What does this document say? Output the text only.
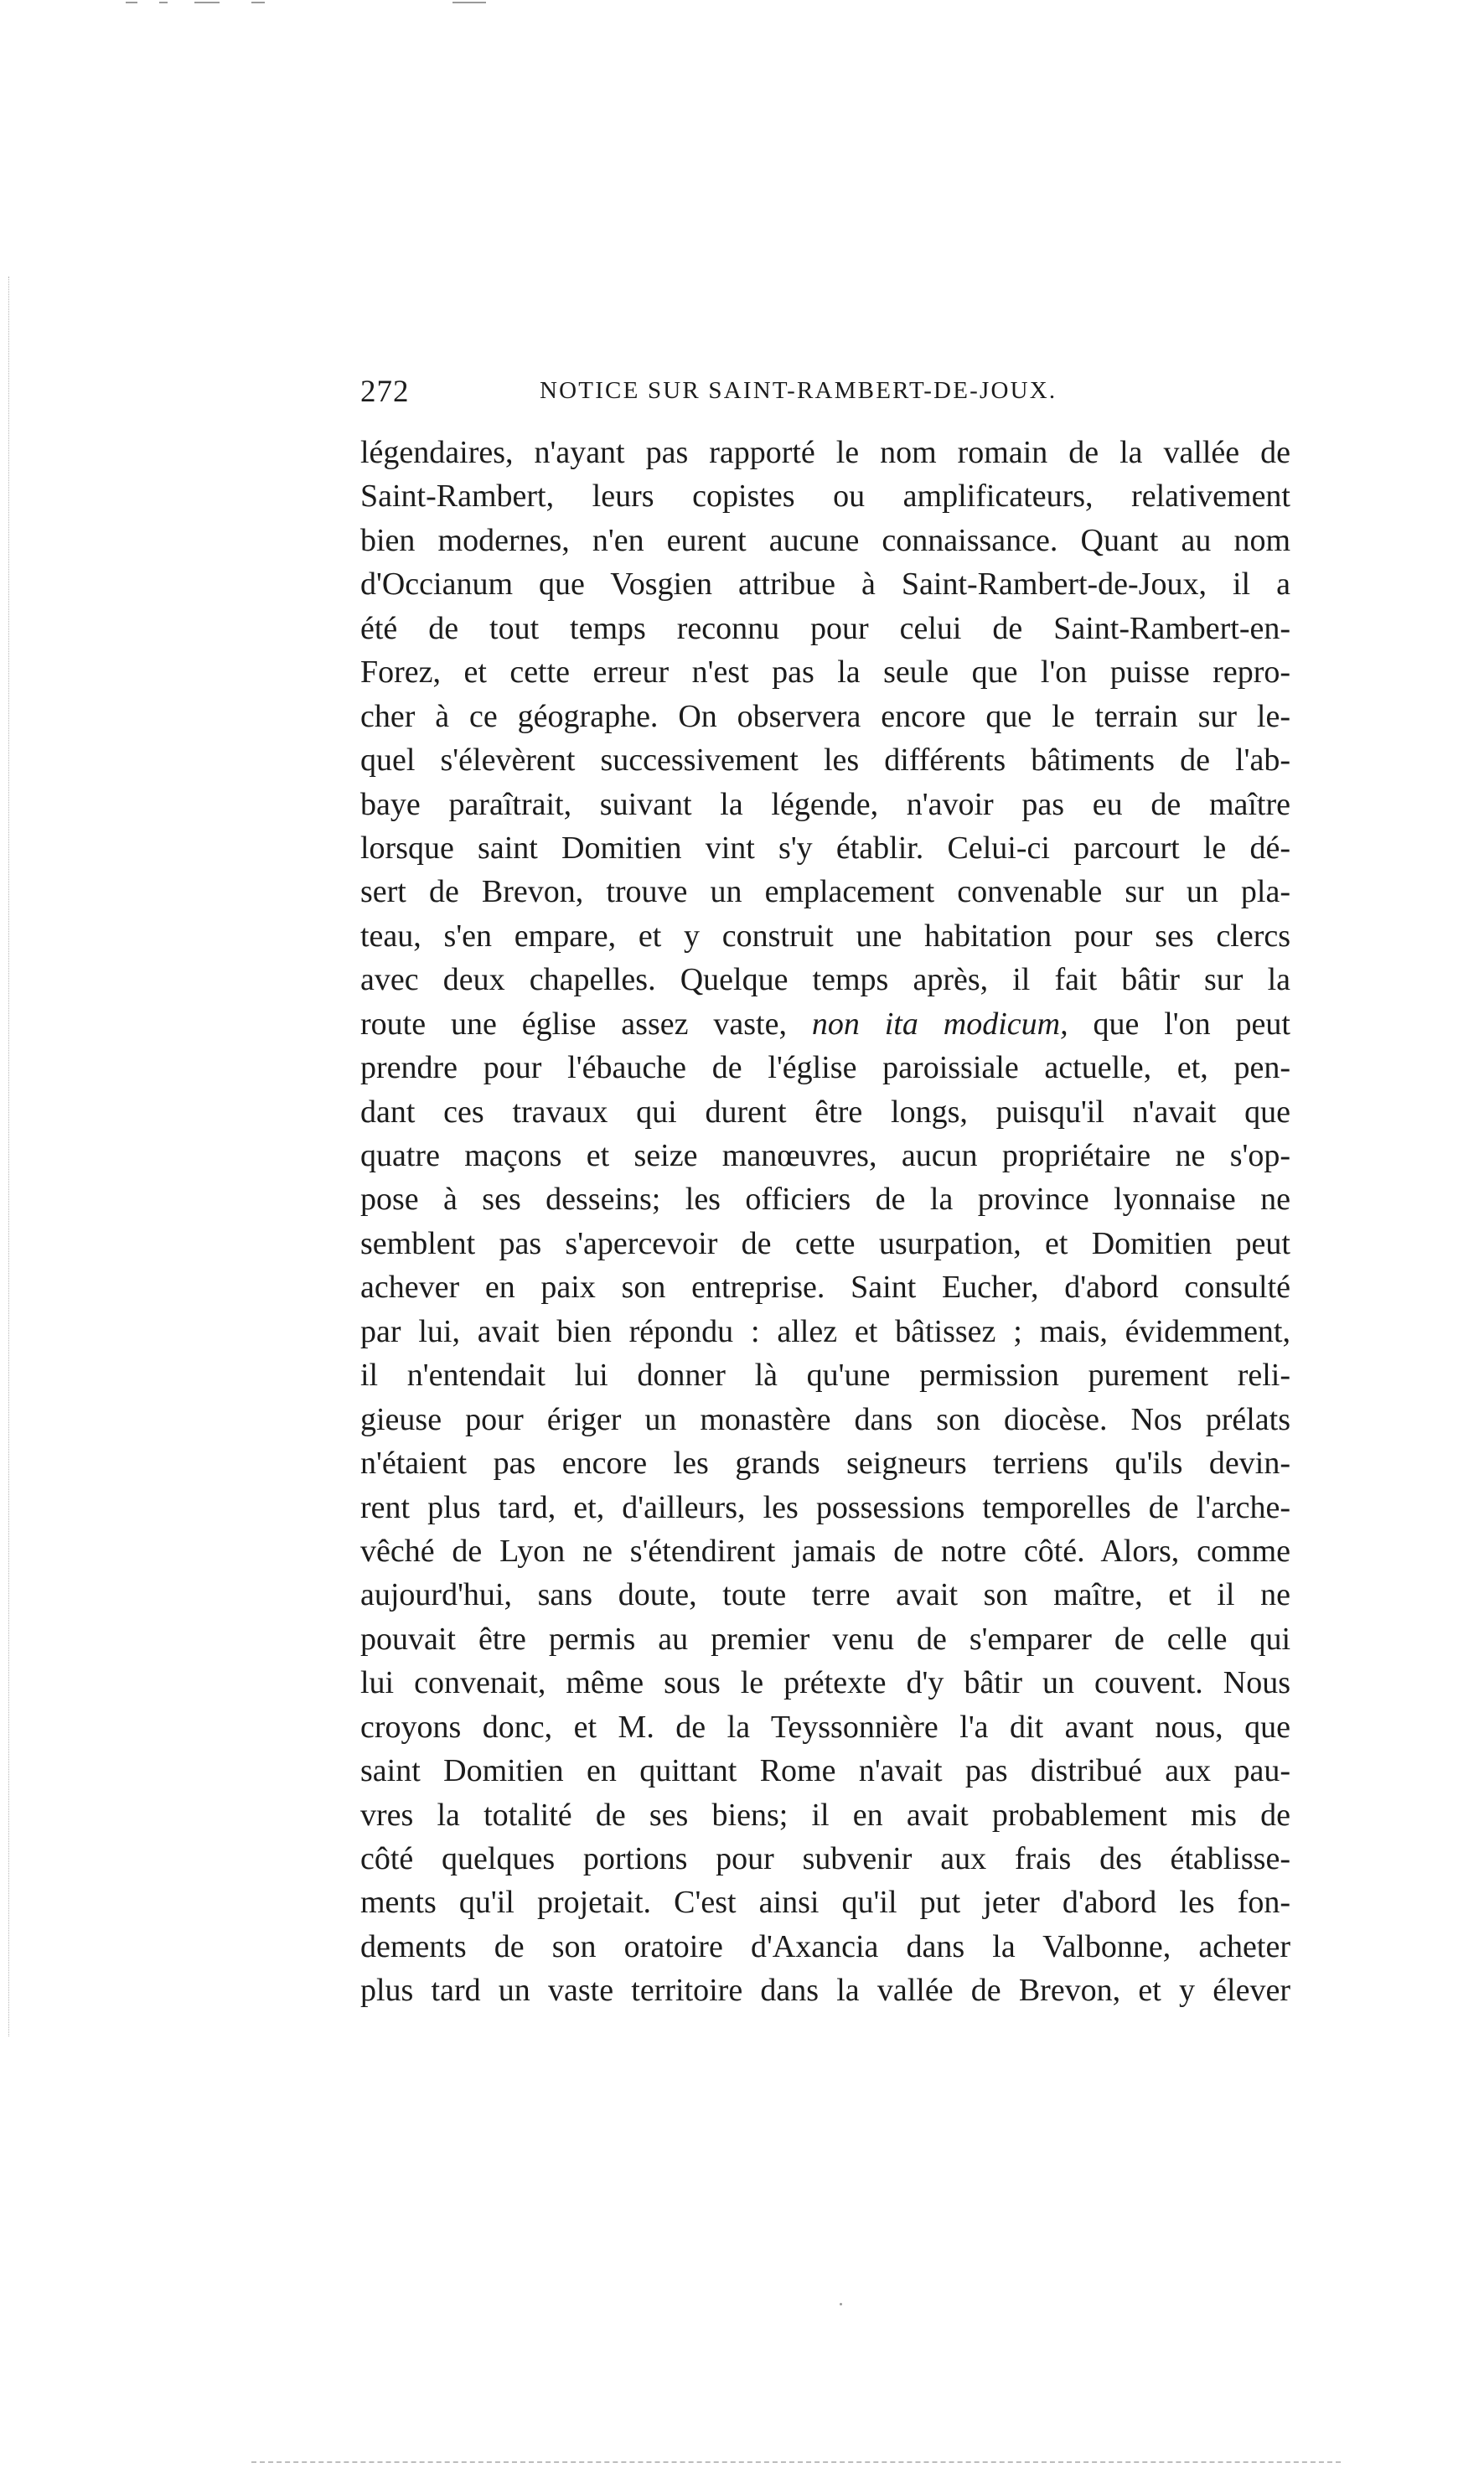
272	NOTICE SUR SAINT-RAMBERT-DE-JOUX.
légendaires, n'ayant pas rapporté le nom romain de la vallée de
Saint-Rambert, leurs copistes ou amplificateurs, relativement
bien modernes, n'en eurent aucune connaissance. Quant au nom
d'Occianum que Vosgien attribue à Saint-Rambert-de-Joux, il a
été de tout temps reconnu pour celui de Saint-Rambert-en-
Forez, et cette erreur n'est pas la seule que l'on puisse repro-
cher à ce géographe. On observera encore que le terrain sur le-
quel s'élevèrent successivement les différents bâtiments de l'ab-
baye paraîtrait, suivant la légende, n'avoir pas eu de maître
lorsque saint Domitien vint s'y établir. Celui-ci parcourt le dé-
sert de Brevon, trouve un emplacement convenable sur un pla-
teau, s'en empare, et y construit une habitation pour ses clercs
avec deux chapelles. Quelque temps après, il fait bâtir sur la
route une église assez vaste, non ita modicum, que l'on peut
prendre pour l'ébauche de l'église paroissiale actuelle, et, pen-
dant ces travaux qui durent être longs, puisqu'il n'avait que
quatre maçons et seize manœuvres, aucun propriétaire ne s'op-
pose à ses desseins; les officiers de la province lyonnaise ne
semblent pas s'apercevoir de cette usurpation, et Domitien peut
achever en paix son entreprise. Saint Eucher, d'abord consulté
par lui, avait bien répondu : allez et bâtissez ; mais, évidemment,
il n'entendait lui donner là qu'une permission purement reli-
gieuse pour ériger un monastère dans son diocèse. Nos prélats
n'étaient pas encore les grands seigneurs terriens qu'ils devin-
rent plus tard, et, d'ailleurs, les possessions temporelles de l'arche-
vêché de Lyon ne s'étendirent jamais de notre côté. Alors, comme
aujourd'hui, sans doute, toute terre avait son maître, et il ne
pouvait être permis au premier venu de s'emparer de celle qui
lui convenait, même sous le prétexte d'y bâtir un couvent. Nous
croyons donc, et M. de la Teyssonnière l'a dit avant nous, que
saint Domitien en quittant Rome n'avait pas distribué aux pau-
vres la totalité de ses biens; il en avait probablement mis de
côté quelques portions pour subvenir aux frais des établisse-
ments qu'il projetait. C'est ainsi qu'il put jeter d'abord les fon-
dements de son oratoire d'Axancia dans la Valbonne, acheter
plus tard un vaste territoire dans la vallée de Brevon, et y élever
